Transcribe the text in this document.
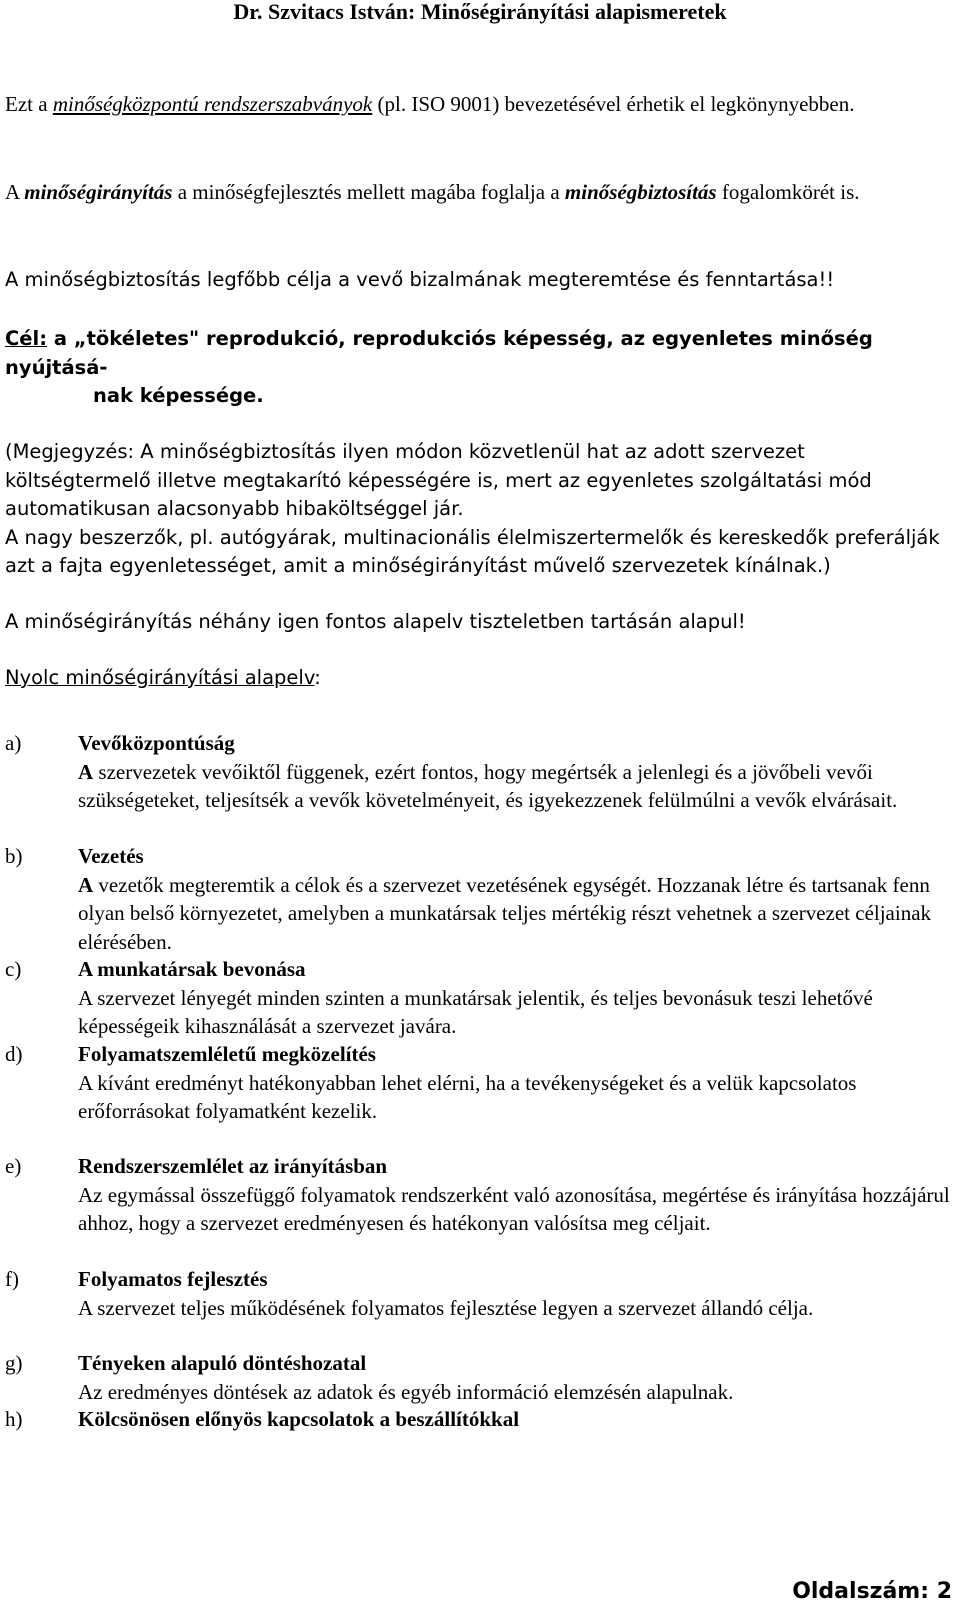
Dr. Szvitacs István: Minőségirányítási alapismeretek
Ezt a minőségközpontú rendszerszabványok (pl. ISO 9001) bevezetésével érhetik el legkönynyebben.
A minőségirányítás a minőségfejlesztés mellett magába foglalja a minőségbiztosítás fogalomkörét is.
A minőségbiztosítás legfőbb célja a vevő bizalmának megteremtése és fenntartása!!
Cél: a „tökéletes" reprodukció, reprodukciós képesség, az egyenletes minőség nyújtásá-
nak képessége.
(Megjegyzés: A minőségbiztosítás ilyen módon közvetlenül hat az adott szervezet költségtermelő illetve megtakarító képességére is, mert az egyenletes szolgáltatási mód automatikusan alacsonyabb hibaköltséggel jár.
A nagy beszerzők, pl. autógyárak, multinacionális élelmiszertermelők és kereskedők preferálják azt a fajta egyenletességet, amit a minőségirányítást művelő szervezetek kínálnak.)
A minőségirányítás néhány igen fontos alapelv tiszteletben tartásán alapul!
Nyolc minőségirányítási alapelv:
a)	Vevőközpontúság
A szervezetek vevőiktől függenek, ezért fontos, hogy megértsék a jelenlegi és a jövőbeli vevői szükségeteket, teljesítsék a vevők követelményeit, és igyekezzenek felülmúlni a vevők elvárásait.
b)	Vezetés
A vezetők megteremtik a célok és a szervezet vezetésének egységét. Hozzanak létre és tartsanak fenn olyan belső környezetet, amelyben a munkatársak teljes mértékig részt vehetnek a szervezet céljainak elérésében.
c)	A munkatársak bevonása
A szervezet lényegét minden szinten a munkatársak jelentik, és teljes bevonásuk teszi lehetővé képességeik kihasználását a szervezet javára.
d)	Folyamatszemléletű megközelítés
A kívánt eredményt hatékonyabban lehet elérni, ha a tevékenységeket és a velük kapcsolatos erőforrásokat folyamatként kezelik.
e)	Rendszerszemlélet az irányításban
Az egymással összefüggő folyamatok rendszerként való azonosítása, megértése és irányítása hozzájárul ahhoz, hogy a szervezet eredményesen és hatékonyan valósítsa meg céljait.
f)	Folyamatos fejlesztés
A szervezet teljes működésének folyamatos fejlesztése legyen a szervezet állandó célja.
g)	Tényeken alapuló döntéshozatal
Az eredményes döntések az adatok és egyéb információ elemzésén alapulnak.
h)	Kölcsönösen előnyös kapcsolatok a beszállítókkal
Oldalszám: 2
